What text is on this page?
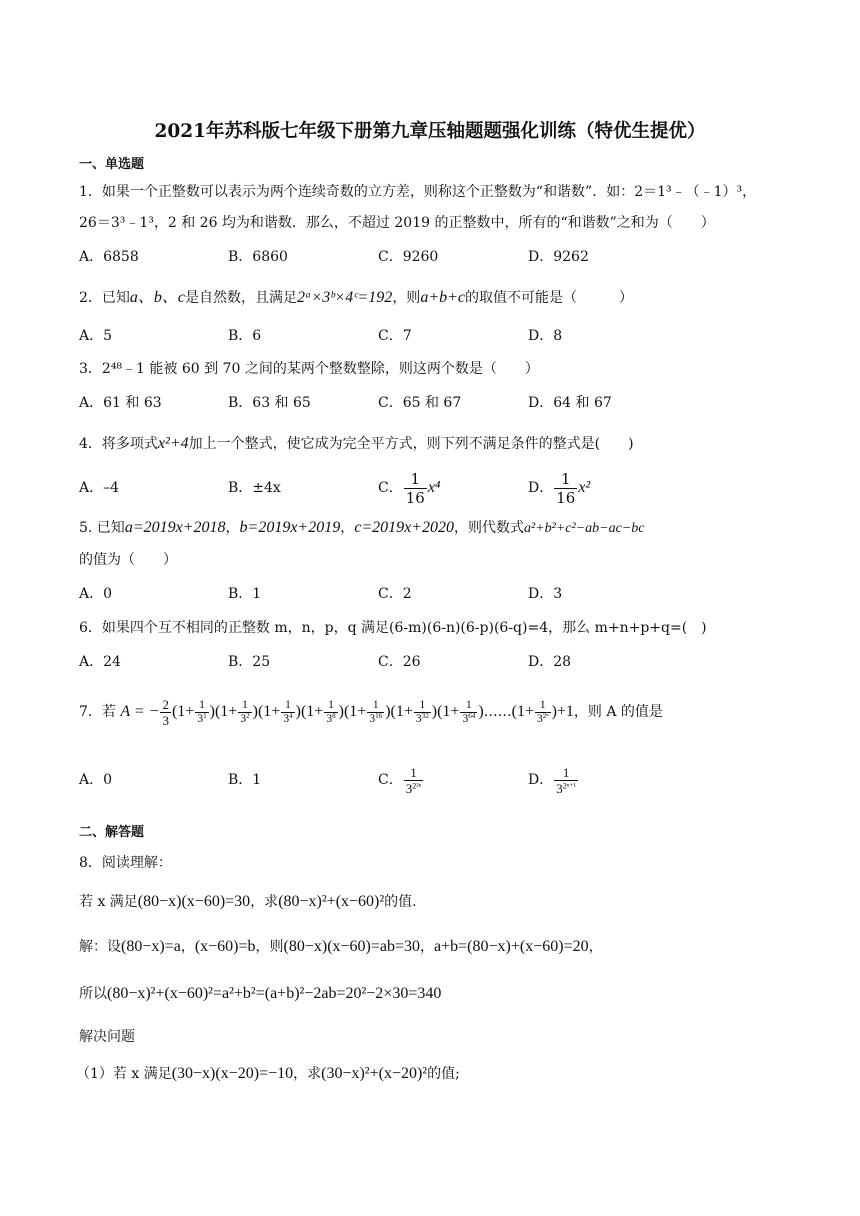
2021年苏科版七年级下册第九章压轴题题强化训练（特优生提优）
一、单选题
1．如果一个正整数可以表示为两个连续奇数的立方差，则称这个正整数为“和谐数”．如：2＝1³﹣（﹣1）³，
26＝3³﹣1³，2 和 26 均为和谐数．那么，不超过 2019 的正整数中，所有的“和谐数”之和为（　　）
A．6858	B．6860	C．9260	D．9262
2．已知a、b、c是自然数，且满足2ᵃ×3ᵇ×4ᶜ=192，则a+b+c的取值不可能是（　　　）
A．5	B．6	C．7	D．8
3．2⁴⁸﹣1 能被 60 到 70 之间的某两个整数整除，则这两个数是（　　）
A．61 和 63	B．63 和 65	C．65 和 67	D．64 和 67
4．将多项式x²+4加上一个整式，使它成为完全平方式，则下列不满足条件的整式是(　　)
A．–4	B．±4x	C． $\frac{1}{16} x^4$	D． $\frac{1}{16} x^2$
5. 已知a=2019x+2018，b=2019x+2019，c=2019x+2020，则代数式a²+b²+c²−ab−ac−bc
的值为（　　）
A．0	B．1	C．2	D．3
6．如果四个互不相同的正整数 m，n，p，q 满足(6-m)(6-n)(6-p)(6-q)=4，那么 m+n+p+q=(　)
A．24	B．25	C．26	D．28
7．若 A = − $\frac{2}{3} (1+ \frac{1}{3^1} )(1+ \frac{1}{3^2} )(1+ \frac{1}{3^4} )(1+ \frac{1}{3^8} )(1+ \frac{1}{3^{16}} )(1+ \frac{1}{3^{32}} )(1+ \frac{1}{3^{64}}$ )……(1+ $\frac{1}{3^{2^n}} )+1$，则 A 的值是
A．0	B．1	C． $\frac{1}{3^{2^{2n}}}$	D． $\frac{1}{3^{2^{n+1}}}$
二、解答题
8．阅读理解：
若 x 满足(80−x)(x−60)=30，求(80−x)²+(x−60)²的值.
解：设(80−x)=a，(x−60)=b，则(80−x)(x−60)=ab=30，a+b=(80−x)+(x−60)=20，
所以(80−x)²+(x−60)²=a²+b²=(a+b)²−2ab=20²−2×30=340
解决问题
（1）若 x 满足(30−x)(x−20)=−10，求(30−x)²+(x−20)²的值;
